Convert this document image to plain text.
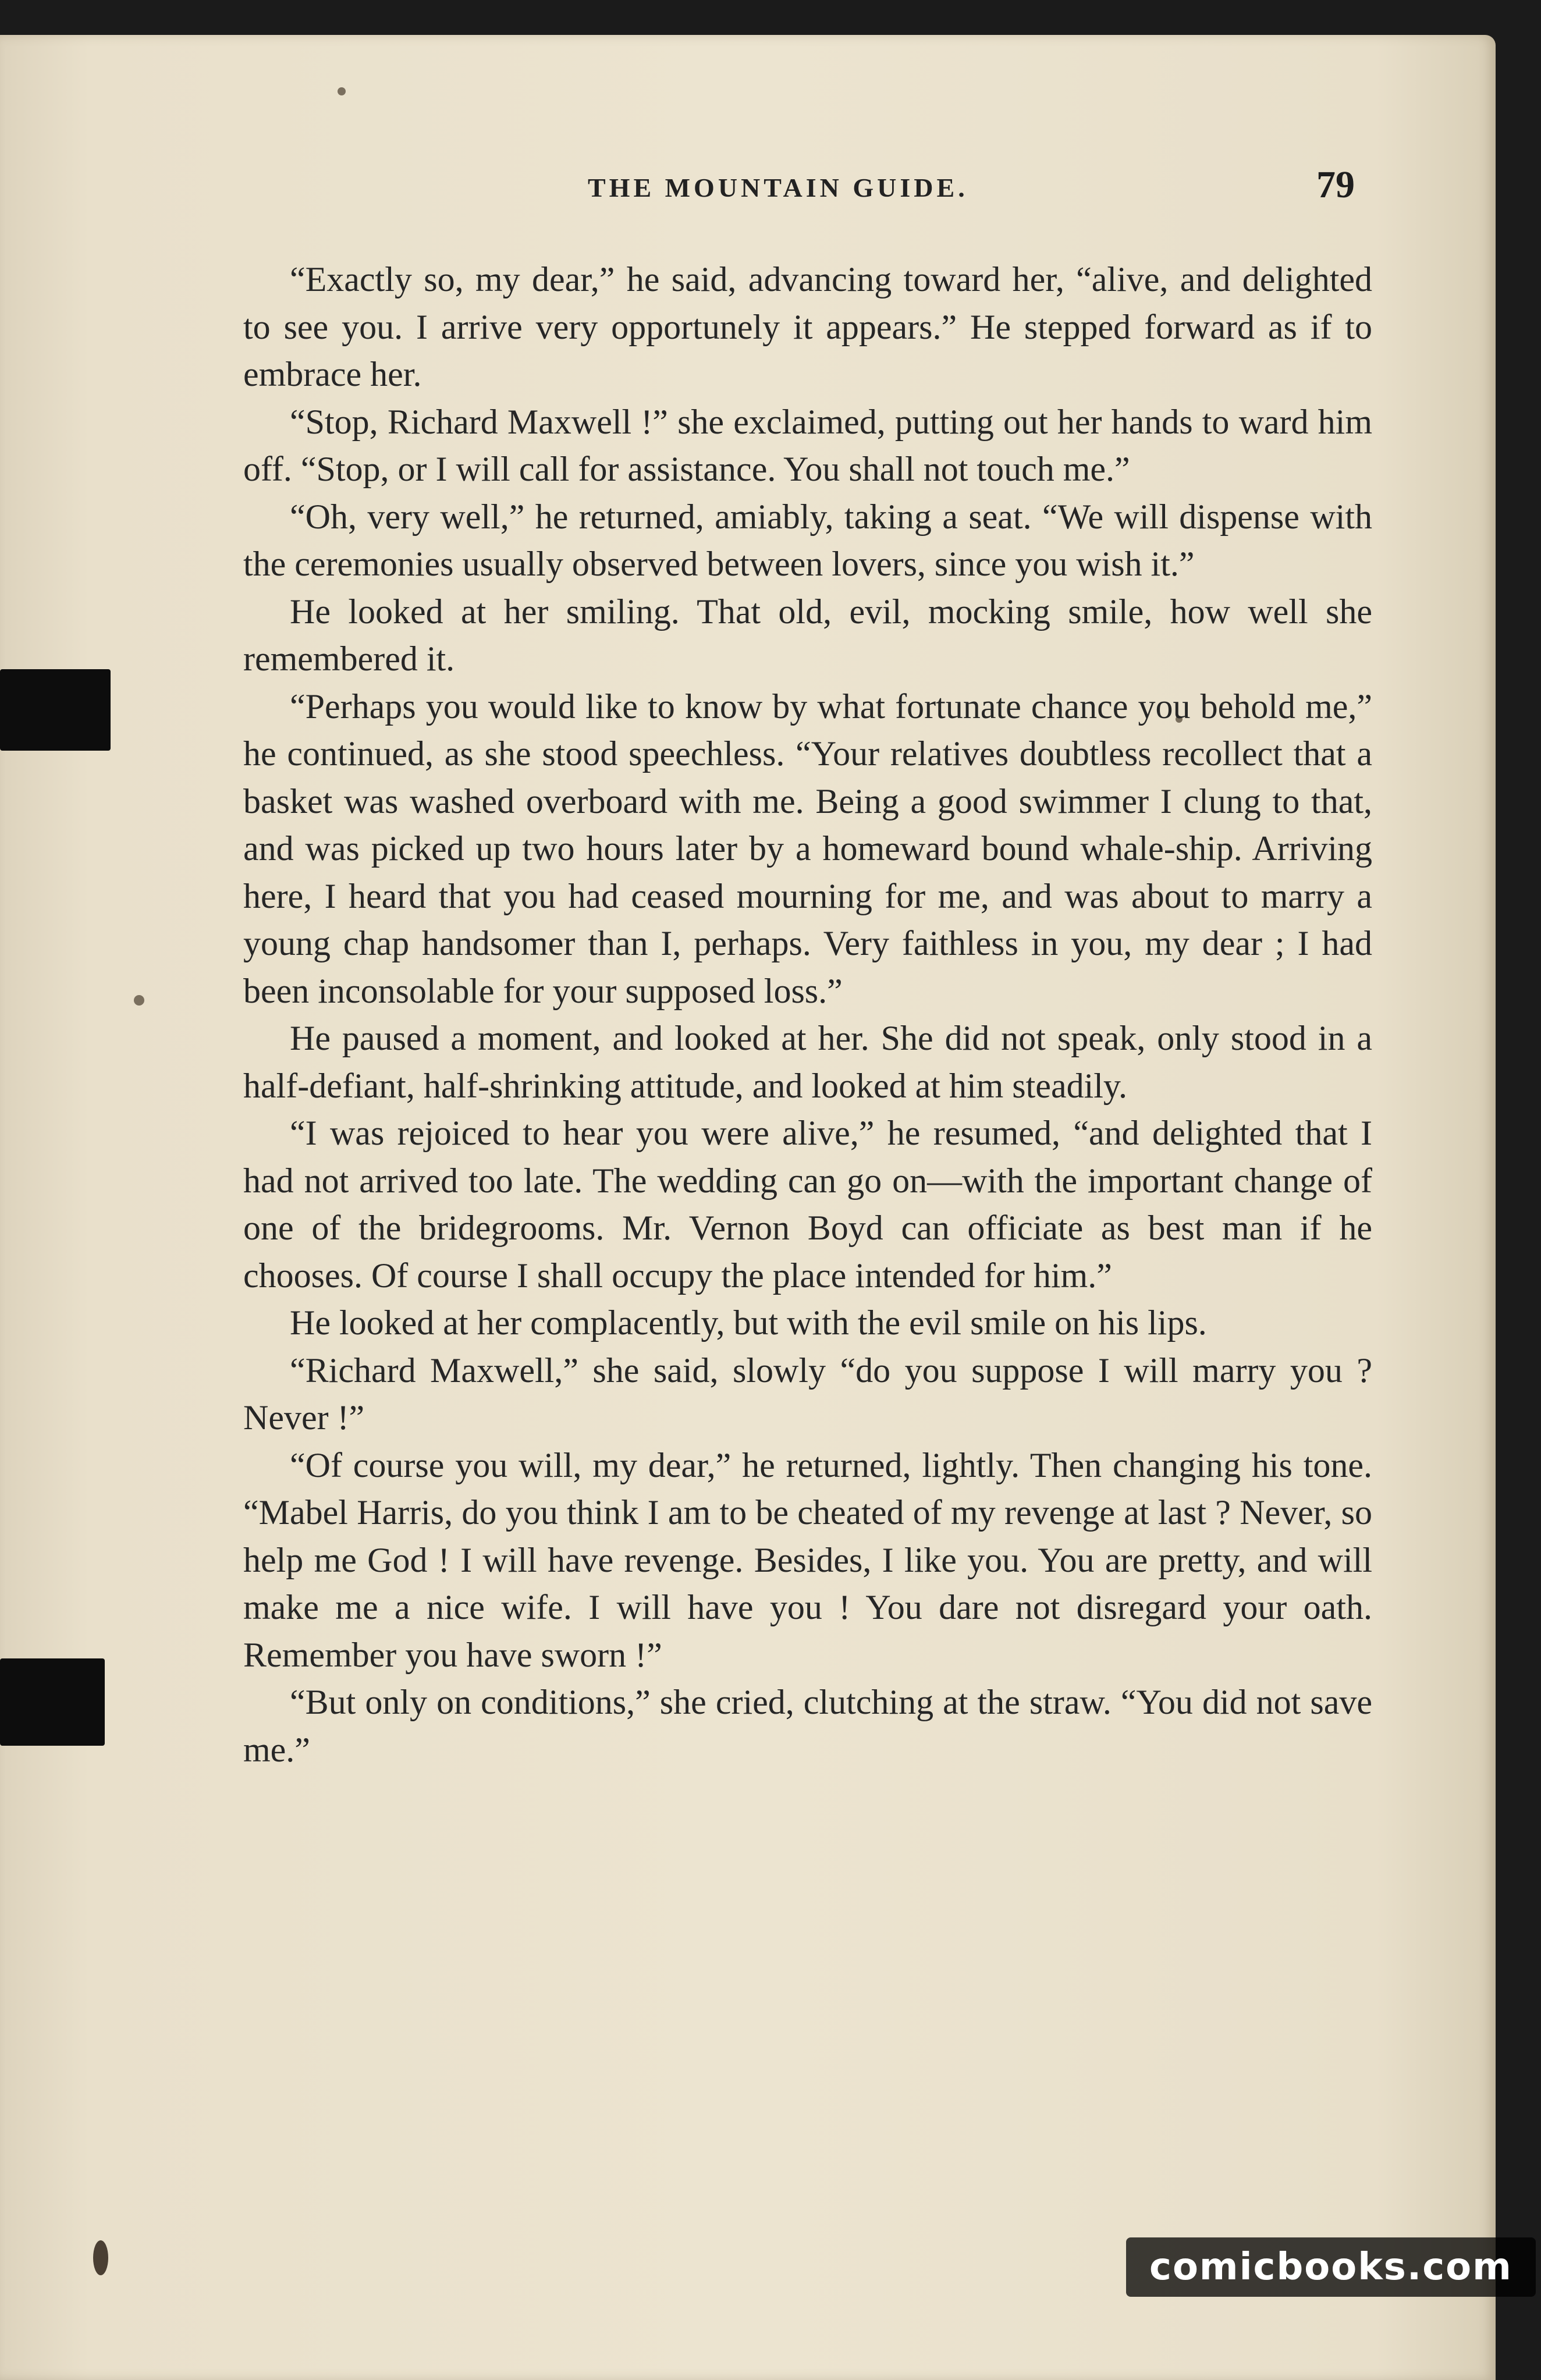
THE MOUNTAIN GUIDE.	79

“Exactly so, my dear,” he said, advancing toward her, “alive, and delighted to see you. I arrive very opportunely it appears.” He stepped forward as if to embrace her.

“Stop, Richard Maxwell !” she exclaimed, putting out her hands to ward him off. “Stop, or I will call for assistance. You shall not touch me.”

“Oh, very well,” he returned, amiably, taking a seat. “We will dispense with the ceremonies usually observed between lovers, since you wish it.”

He looked at her smiling. That old, evil, mocking smile, how well she remembered it.

“Perhaps you would like to know by what fortunate chance you behold me,” he continued, as she stood speechless. “Your relatives doubtless recollect that a basket was washed overboard with me. Being a good swimmer I clung to that, and was picked up two hours later by a homeward bound whale-ship. Arriving here, I heard that you had ceased mourning for me, and was about to marry a young chap handsomer than I, perhaps. Very faithless in you, my dear ; I had been inconsolable for your supposed loss.”

He paused a moment, and looked at her. She did not speak, only stood in a half-defiant, half-shrinking attitude, and looked at him steadily.

“I was rejoiced to hear you were alive,” he resumed, “and delighted that I had not arrived too late. The wedding can go on—with the important change of one of the bridegrooms. Mr. Vernon Boyd can officiate as best man if he chooses. Of course I shall occupy the place intended for him.”

He looked at her complacently, but with the evil smile on his lips.

“Richard Maxwell,” she said, slowly “do you suppose I will marry you ? Never !”

“Of course you will, my dear,” he returned, lightly. Then changing his tone. “Mabel Harris, do you think I am to be cheated of my revenge at last ? Never, so help me God ! I will have revenge. Besides, I like you. You are pretty, and will make me a nice wife. I will have you ! You dare not disregard your oath. Remember you have sworn !”

“But only on conditions,” she cried, clutching at the straw. “You did not save me.”

comicbooks.com
